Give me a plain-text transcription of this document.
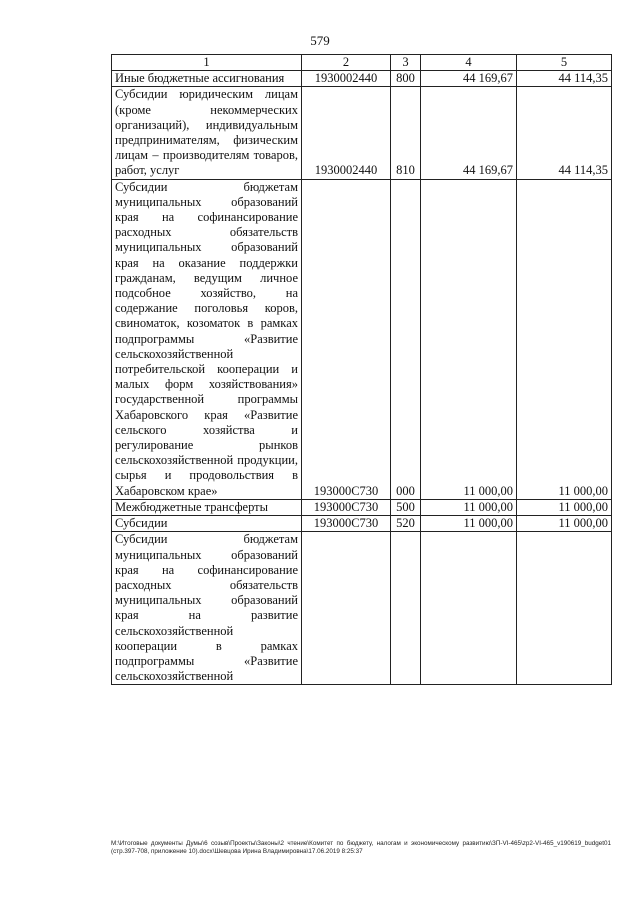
579
1	2	3	4	5

Иные бюджетные ассигнования	1930002440	800	44 169,67	44 114,35

Субсидии юридическим лицам (кроме некоммерческих организаций), индивидуальным предпринимателям, физическим лицам – производителям товаров, работ, услуг	1930002440	810	44 169,67	44 114,35

Субсидии бюджетам муниципальных образований края на софинансирование расходных обязательств муниципальных образований края на оказание поддержки гражданам, ведущим личное подсобное хозяйство, на содержание поголовья коров, свиноматок, козоматок в рамках подпрограммы «Развитие сельскохозяйственной потребительской кооперации и малых форм хозяйствования» государственной программы Хабаровского края «Развитие сельского хозяйства и регулирование рынков сельскохозяйственной продукции, сырья и продовольствия в Хабаровском крае»	193000С730	000	11 000,00	11 000,00

Межбюджетные трансферты	193000С730	500	11 000,00	11 000,00

Субсидии	193000С730	520	11 000,00	11 000,00

Субсидии бюджетам муниципальных образований края на софинансирование расходных обязательств муниципальных образований края на развитие сельскохозяйственной кооперации в рамках подпрограммы «Развитие сельскохозяйственной				

М:\Итоговые документы Думы\6 созыв\Проекты\Законы\2 чтение\Комитет по бюджету, налогам и экономическому развитию\ЗП-VI-465\zp2-VI-465_v190619_budget01 (стр.397-708, приложение 10).docx\Шевцова Ирина Владимировна\17.06.2019 8:25:37
